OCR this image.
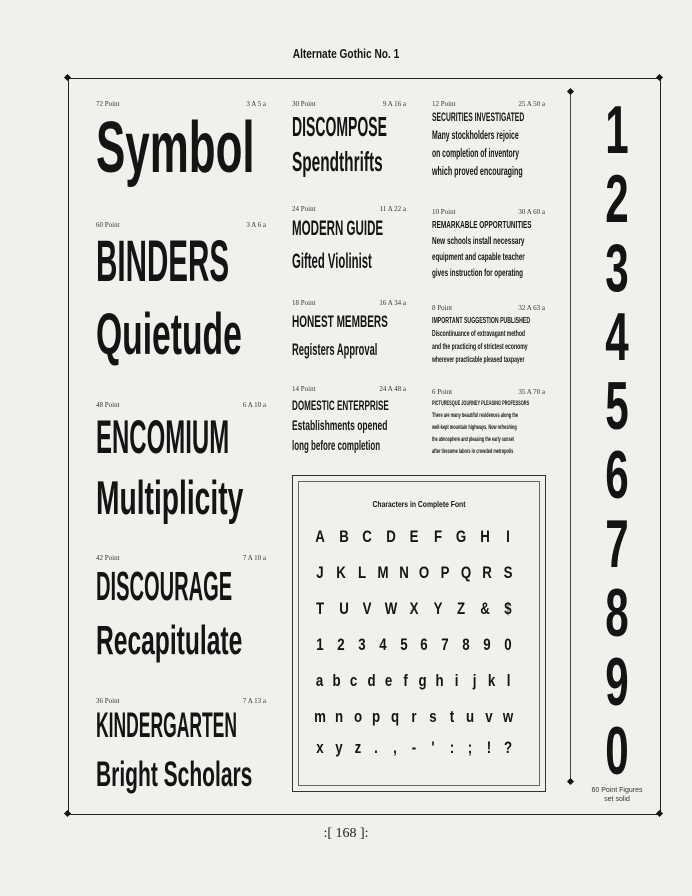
Alternate Gothic No. 1
72 Point	3 A 5 a
Symbol
60 Point	3 A 6 a
BINDERS
Quietude
48 Point	6 A 10 a
ENCOMIUM
Multiplicity
42 Point	7 A 10 a
DISCOURAGE
Recapitulate
36 Point	7 A 13 a
KINDERGARTEN
Bright Scholars
30 Point	9 A 16 a
DISCOMPOSE
Spendthrifts
24 Point	11 A 22 a
MODERN GUIDE
Gifted Violinist
18 Point	16 A 34 a
HONEST MEMBERS
Registers Approval
14 Point	24 A 48 a
DOMESTIC ENTERPRISE
Establishments opened
long before completion
12 Point	25 A 50 a
SECURITIES INVESTIGATED
Many stockholders rejoice
on completion of inventory
which proved encouraging
10 Point	30 A 60 a
REMARKABLE OPPORTUNITIES
New schools install necessary
equipment and capable teacher
gives instruction for operating
8 Point	32 A 63 a
IMPORTANT SUGGESTION PUBLISHED
Discontinuance of extravagant method
and the practicing of strictest economy
wherever practicable pleased taxpayer
6 Point	35 A 70 a
PICTURESQUE JOURNEY PLEASING PROFESSORS
There are many beautiful residences along the
well-kept mountain highways. Now refreshing
the atmosphere and pleasing the early sunset
after tiresome labors in crowded metropolis
Characters in Complete Font
A B C D E F G H I
J K L M N O P Q R S
T U V W X Y Z & $
1 2 3 4 5 6 7 8 9 0
a b c d e f g h i j k l
m n o p q r s t u v w
x y z . , - ' : ; ! ?
1
2
3
4
5
6
7
8
9
0
60 Point Figures
set solid
:[ 168 ]:
